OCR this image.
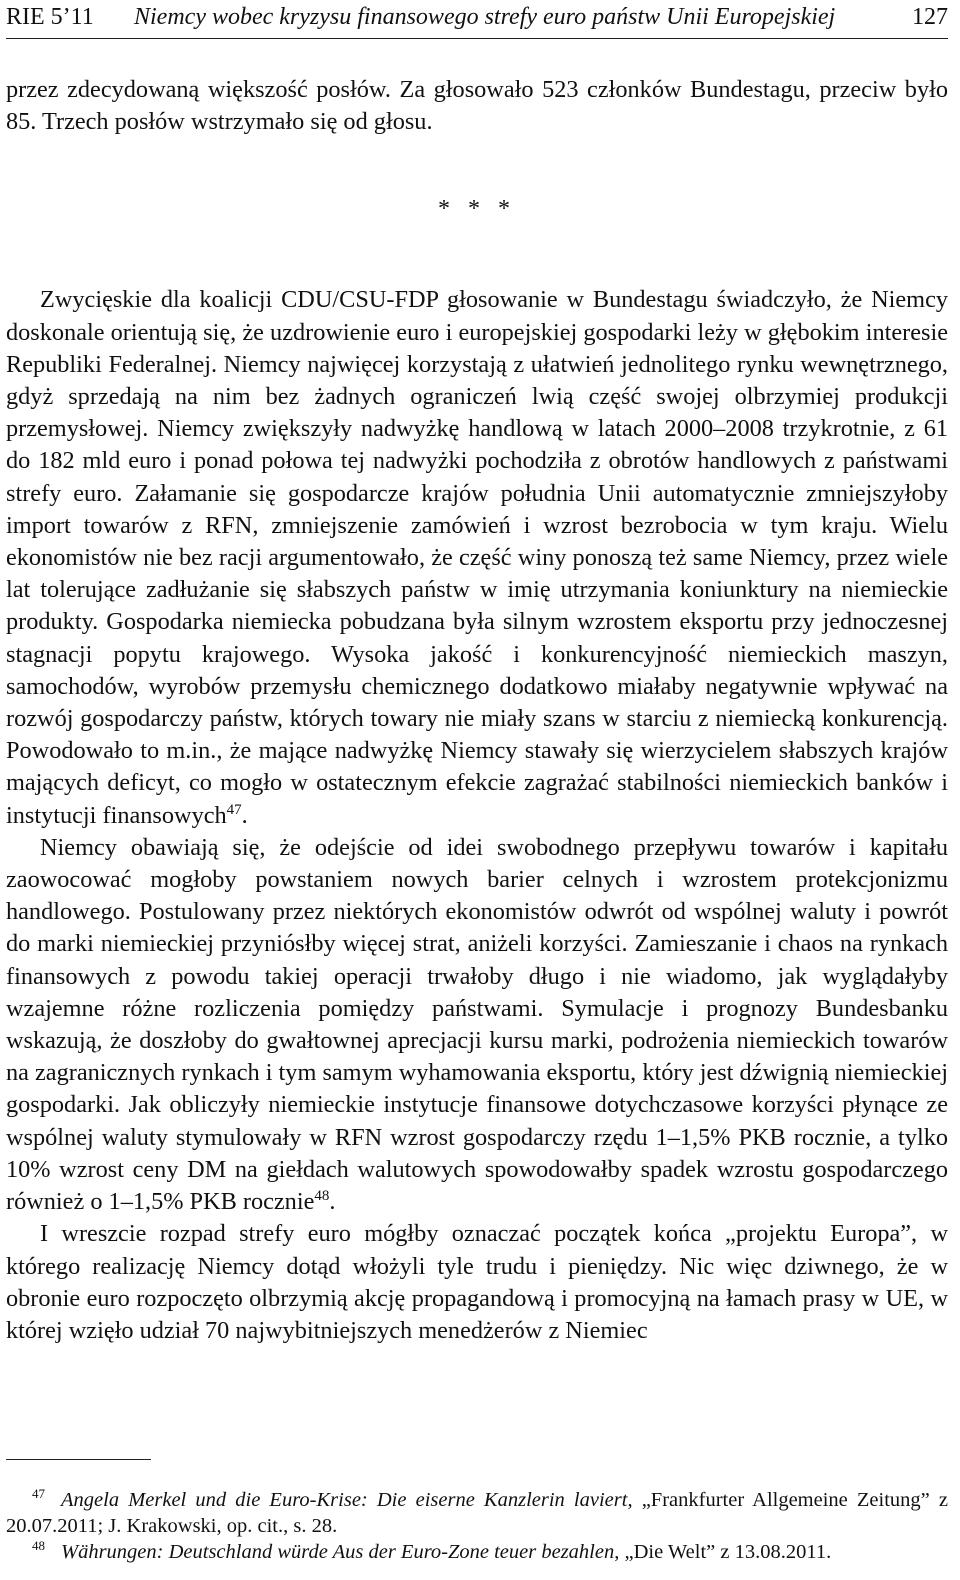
RIE 5’11 Niemcy wobec kryzysu finansowego strefy euro państw Unii Europejskiej	127

przez zdecydowaną większość posłów. Za głosowało 523 członków Bundestagu, przeciw było 85. Trzech posłów wstrzymało się od głosu.

* * *

Zwycięskie dla koalicji CDU/CSU-FDP głosowanie w Bundestagu świadczyło, że Niemcy doskonale orientują się, że uzdrowienie euro i europejskiej gospodarki leży w głębokim interesie Republiki Federalnej. Niemcy najwięcej korzystają z ułatwień jednolitego rynku wewnętrznego, gdyż sprzedają na nim bez żadnych ograniczeń lwią część swojej olbrzymiej produkcji przemysłowej. Niemcy zwiększyły nadwyżkę handlową w latach 2000–2008 trzykrotnie, z 61 do 182 mld euro i ponad połowa tej nadwyżki pochodziła z obrotów handlowych z państwami strefy euro. Załamanie się gospodarcze krajów południa Unii automatycznie zmniejszyłoby import towarów z RFN, zmniejszenie zamówień i wzrost bezrobocia w tym kraju. Wielu ekonomistów nie bez racji argumentowało, że część winy ponoszą też same Niemcy, przez wiele lat tolerujące zadłużanie się słabszych państw w imię utrzymania koniunktury na niemieckie produkty. Gospodarka niemiecka pobudzana była silnym wzrostem eksportu przy jednoczesnej stagnacji popytu krajowego. Wysoka jakość i konkurencyjność niemieckich maszyn, samochodów, wyrobów przemysłu chemicznego dodatkowo miałaby negatywnie wpływać na rozwój gospodarczy państw, których towary nie miały szans w starciu z niemiecką konkurencją. Powodowało to m.in., że mające nadwyżkę Niemcy stawały się wierzycielem słabszych krajów mających deficyt, co mogło w ostatecznym efekcie zagrażać stabilności niemieckich banków i instytucji finansowych$^{47}$.

Niemcy obawiają się, że odejście od idei swobodnego przepływu towarów i kapitału zaowocować mogłoby powstaniem nowych barier celnych i wzrostem protekcjonizmu handlowego. Postulowany przez niektórych ekonomistów odwrót od wspólnej waluty i powrót do marki niemieckiej przyniósłby więcej strat, aniżeli korzyści. Zamieszanie i chaos na rynkach finansowych z powodu takiej operacji trwałoby długo i nie wiadomo, jak wyglądałyby wzajemne różne rozliczenia pomiędzy państwami. Symulacje i prognozy Bundesbanku wskazują, że doszłoby do gwałtownej aprecjacji kursu marki, podrożenia niemieckich towarów na zagranicznych rynkach i tym samym wyhamowania eksportu, który jest dźwignią niemieckiej gospodarki. Jak obliczyły niemieckie instytucje finansowe dotychczasowe korzyści płynące ze wspólnej waluty stymulowały w RFN wzrost gospodarczy rzędu 1–1,5% PKB rocznie, a tylko 10% wzrost ceny DM na giełdach walutowych spowodowałby spadek wzrostu gospodarczego również o 1–1,5% PKB rocznie$^{48}$.

I wreszcie rozpad strefy euro mógłby oznaczać początek końca „projektu Europa”, w którego realizację Niemcy dotąd włożyli tyle trudu i pieniędzy. Nic więc dziwnego, że w obronie euro rozpoczęto olbrzymią akcję propagandową i promocyjną na łamach prasy w UE, w której wzięło udział 70 najwybitniejszych menedżerów z Niemiec

$^{47}$ Angela Merkel und die Euro-Krise: Die eiserne Kanzlerin laviert, „Frankfurter Allgemeine Zeitung” z 20.07.2011; J. Krakowski, op. cit., s. 28.

$^{48}$ Währungen: Deutschland würde Aus der Euro-Zone teuer bezahlen, „Die Welt” z 13.08.2011.
